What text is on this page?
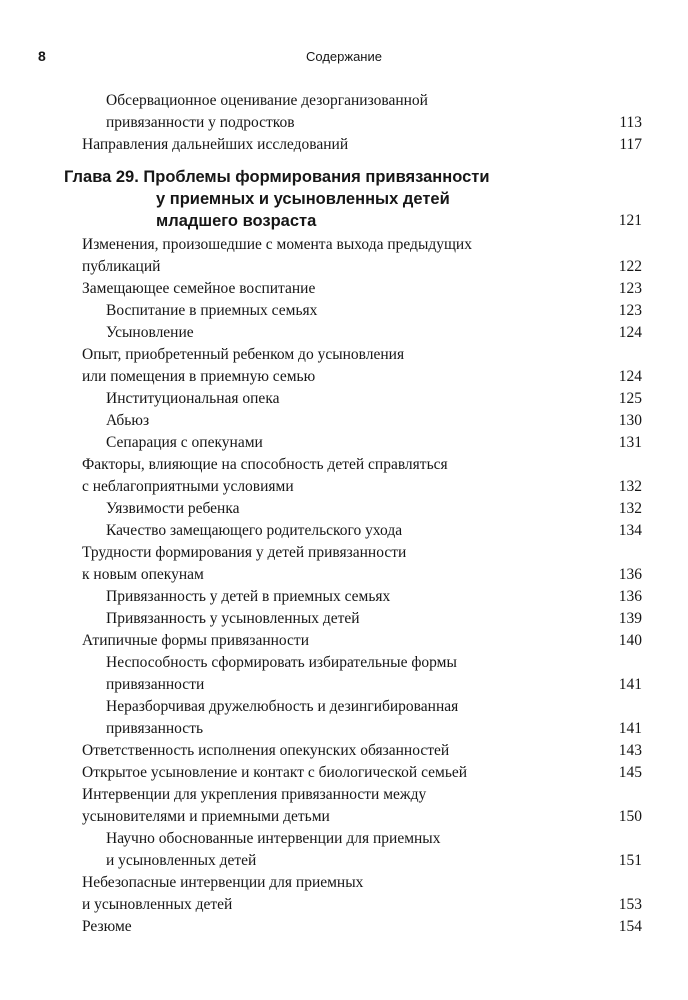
8	Содержание
Обсервационное оценивание дезорганизованной
привязанности у подростков	113
Направления дальнейших исследований	117
Глава 29. Проблемы формирования привязанности
у приемных и усыновленных детей
младшего возраста	121
Изменения, произошедшие с момента выхода предыдущих
публикаций	122
Замещающее семейное воспитание	123
Воспитание в приемных семьях	123
Усыновление	124
Опыт, приобретенный ребенком до усыновления
или помещения в приемную семью	124
Институциональная опека	125
Абьюз	130
Сепарация с опекунами	131
Факторы, влияющие на способность детей справляться
с неблагоприятными условиями	132
Уязвимости ребенка	132
Качество замещающего родительского ухода	134
Трудности формирования у детей привязанности
к новым опекунам	136
Привязанность у детей в приемных семьях	136
Привязанность у усыновленных детей	139
Атипичные формы привязанности	140
Неспособность сформировать избирательные формы
привязанности	141
Неразборчивая дружелюбность и дезингибированная
привязанность	141
Ответственность исполнения опекунских обязанностей	143
Открытое усыновление и контакт с биологической семьей	145
Интервенции для укрепления привязанности между
усыновителями и приемными детьми	150
Научно обоснованные интервенции для приемных
и усыновленных детей	151
Небезопасные интервенции для приемных
и усыновленных детей	153
Резюме	154
